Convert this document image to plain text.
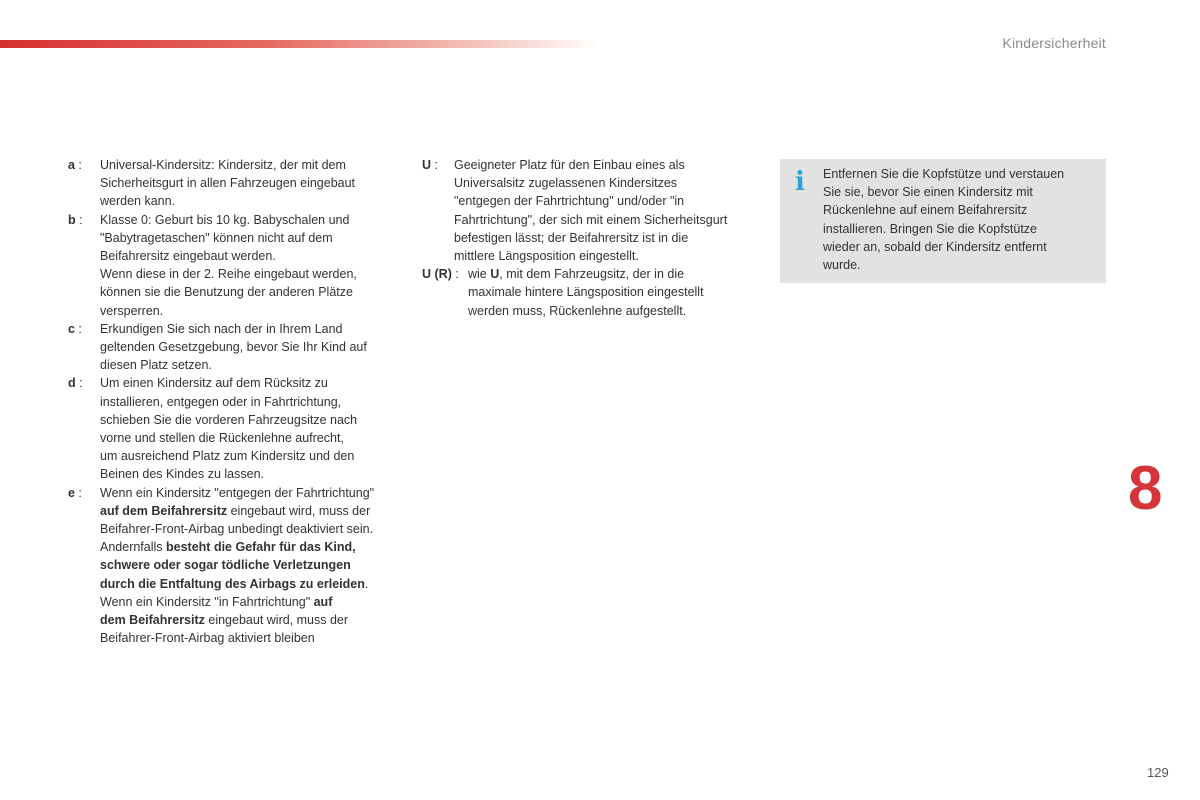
Kindersicherheit
a :	Universal-Kindersitz: Kindersitz, der mit dem
Sicherheitsgurt in allen Fahrzeugen eingebaut
werden kann.
b :	Klasse 0: Geburt bis 10 kg. Babyschalen und
"Babytragetaschen" können nicht auf dem
Beifahrersitz eingebaut werden.
Wenn diese in der 2. Reihe eingebaut werden,
können sie die Benutzung der anderen Plätze
versperren.
c :	Erkundigen Sie sich nach der in Ihrem Land
geltenden Gesetzgebung, bevor Sie Ihr Kind auf
diesen Platz setzen.
d :	Um einen Kindersitz auf dem Rücksitz zu
installieren, entgegen oder in Fahrtrichtung,
schieben Sie die vorderen Fahrzeugsitze nach
vorne und stellen die Rückenlehne aufrecht,
um ausreichend Platz zum Kindersitz und den
Beinen des Kindes zu lassen.
e :	Wenn ein Kindersitz "entgegen der Fahrtrichtung"
auf dem Beifahrersitz eingebaut wird, muss der
Beifahrer-Front-Airbag unbedingt deaktiviert sein.
Andernfalls besteht die Gefahr für das Kind,
schwere oder sogar tödliche Verletzungen
durch die Entfaltung des Airbags zu erleiden.
Wenn ein Kindersitz "in Fahrtrichtung" auf
dem Beifahrersitz eingebaut wird, muss der
Beifahrer-Front-Airbag aktiviert bleiben
U :	Geeigneter Platz für den Einbau eines als
Universalsitz zugelassenen Kindersitzes
"entgegen der Fahrtrichtung" und/oder "in
Fahrtrichtung", der sich mit einem Sicherheitsgurt
befestigen lässt; der Beifahrersitz ist in die
mittlere Längsposition eingestellt.
U (R) : wie U, mit dem Fahrzeugsitz, der in die
maximale hintere Längsposition eingestellt
werden muss, Rückenlehne aufgestellt.
i Entfernen Sie die Kopfstütze und verstauen
Sie sie, bevor Sie einen Kindersitz mit
Rückenlehne auf einem Beifahrersitz
installieren. Bringen Sie die Kopfstütze
wieder an, sobald der Kindersitz entfernt
wurde.
8
129
